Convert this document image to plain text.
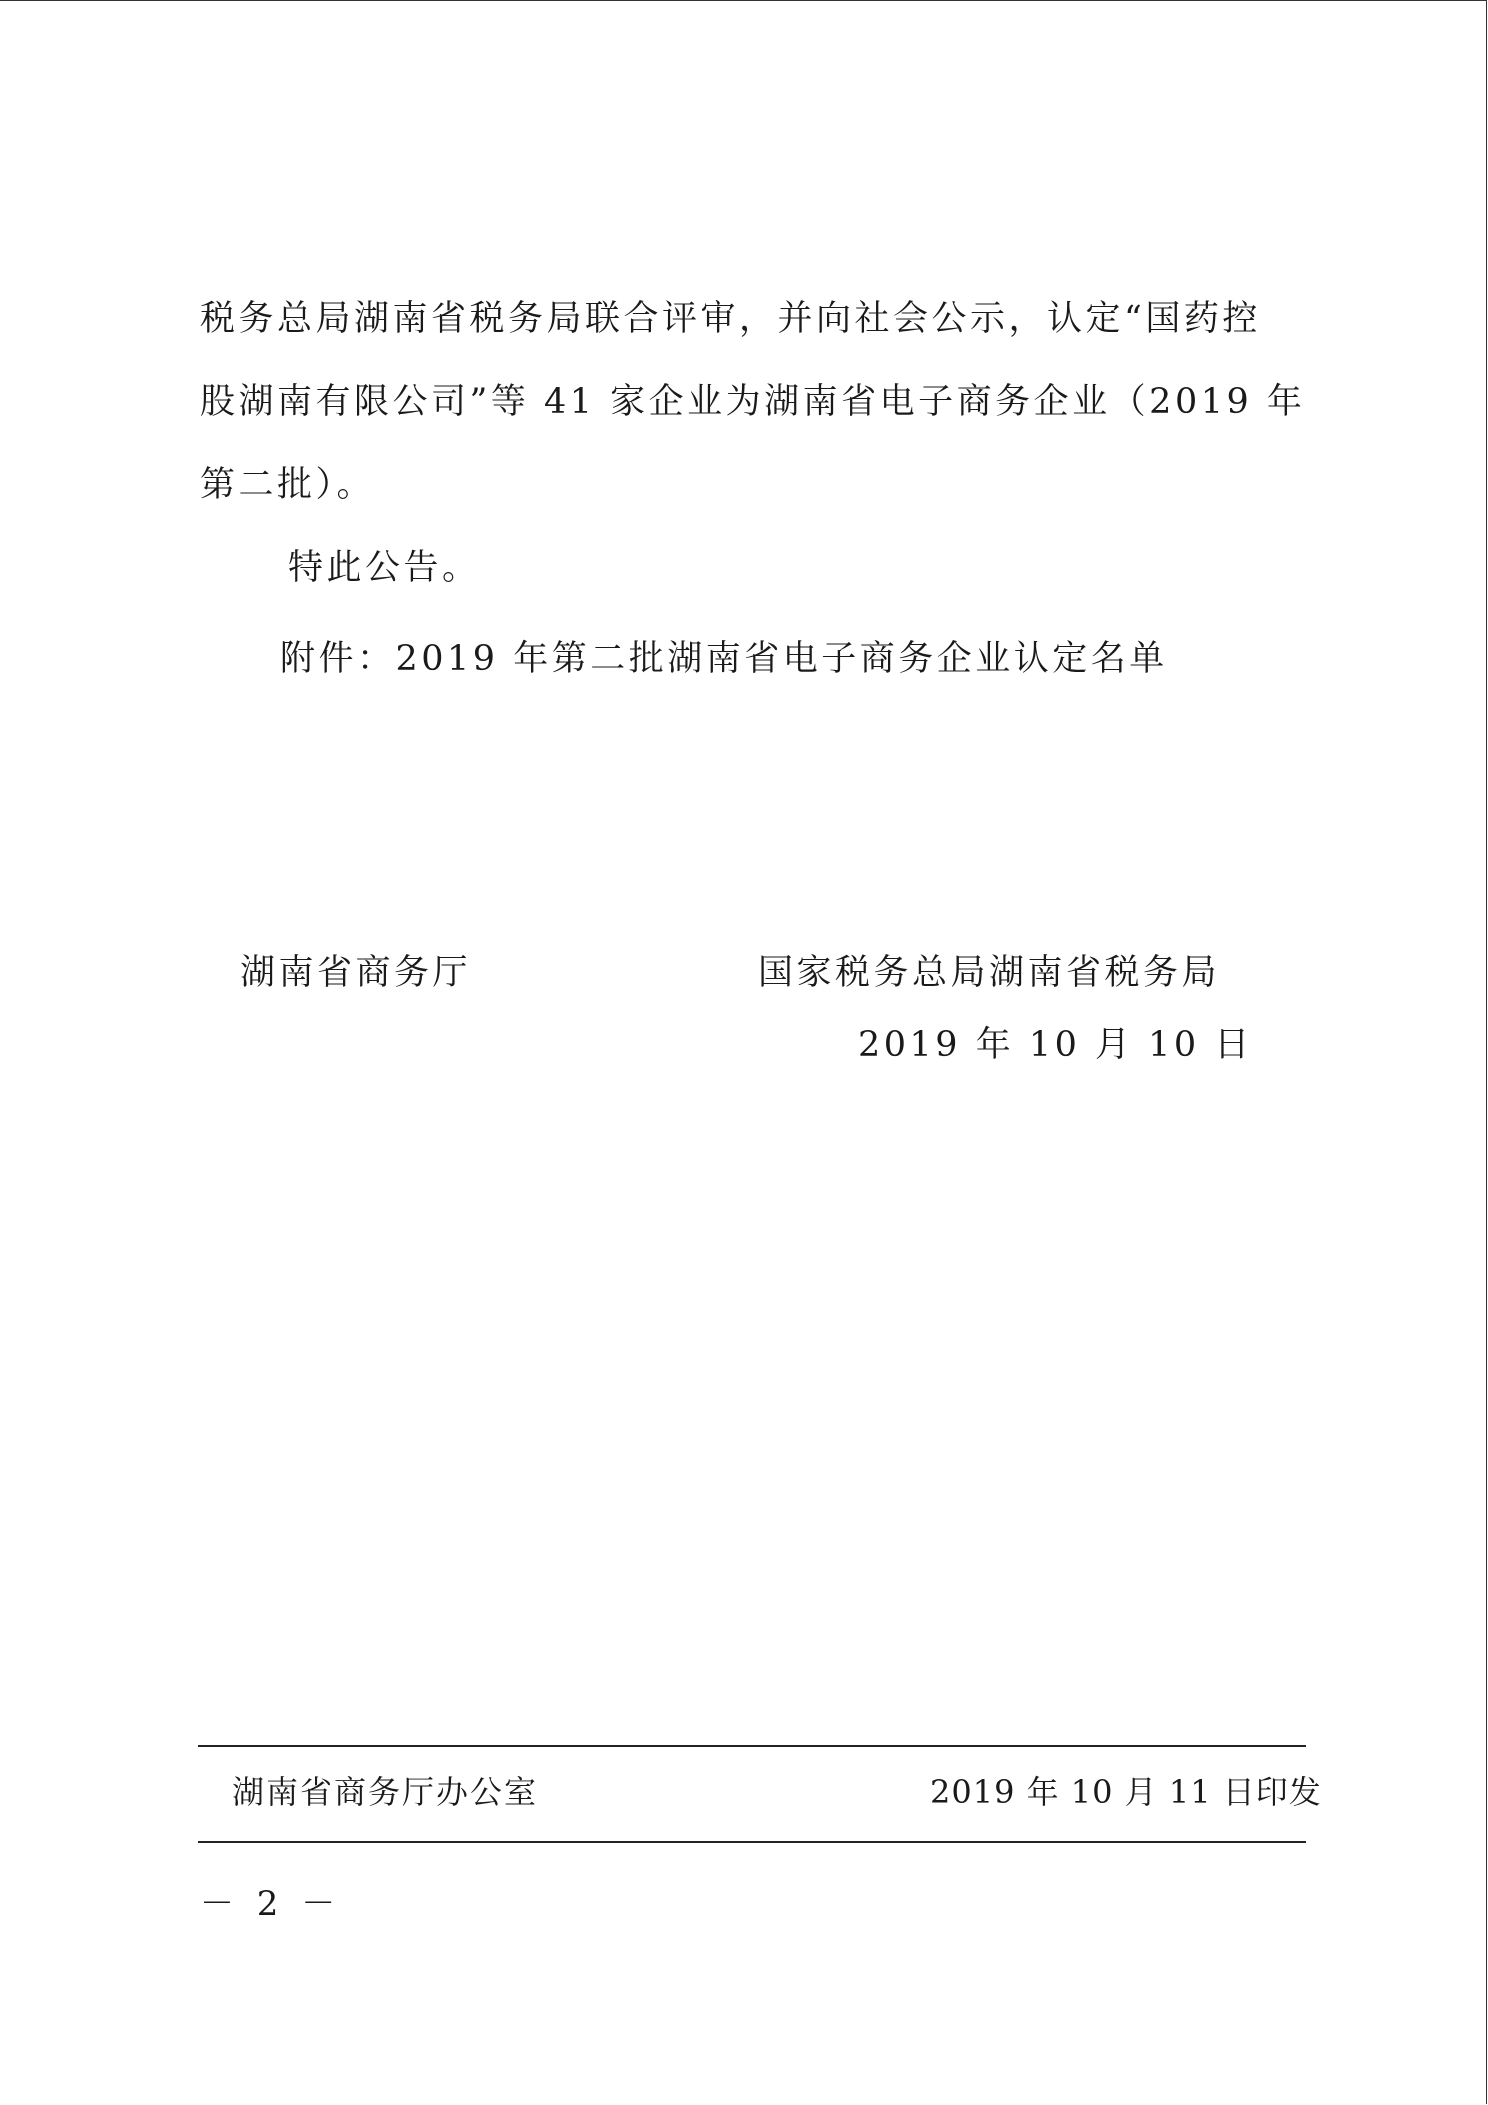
税务总局湖南省税务局联合评审，并向社会公示，认定“国药控

股湖南有限公司”等 41 家企业为湖南省电子商务企业（2019 年

第二批）。

特此公告。

附件：2019 年第二批湖南省电子商务企业认定名单
湖南省商务厅	国家税务总局湖南省税务局
2019 年 10 月 10 日
湖南省商务厅办公室	2019 年 10 月 11 日印发
－ 2 －
